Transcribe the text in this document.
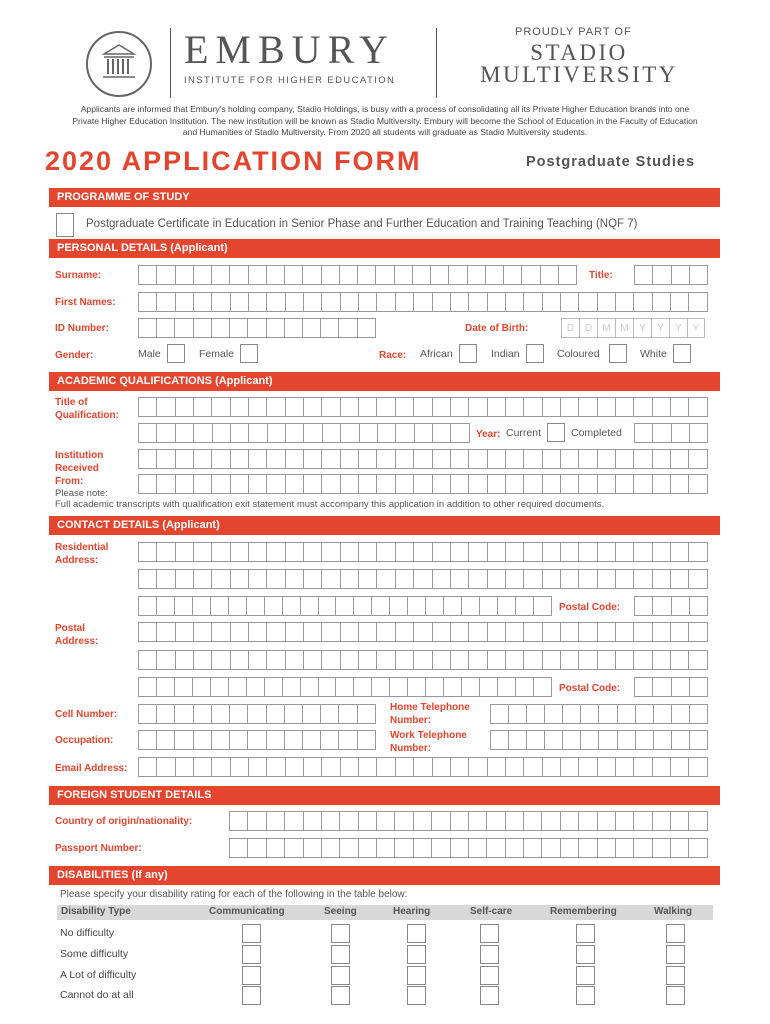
EMBURY
INSTITUTE FOR HIGHER EDUCATION
PROUDLY PART OF
STADIO
MULTIVERSITY
Applicants are informed that Embury's holding company, Stadio Holdings, is busy with a process of consolidating all its Private Higher Education brands into one Private Higher Education Institution. The new institution will be known as Stadio Multiversity. Embury will become the School of Education in the Faculty of Education and Humanities of Stadio Multiversity. From 2020 all students will graduate as Stadio Multiversity students.
2020 APPLICATION FORM	Postgraduate Studies
PROGRAMME OF STUDY
Postgraduate Certificate in Education in Senior Phase and Further Education and Training Teaching (NQF 7)
PERSONAL DETAILS (Applicant)
Surname:	Title:
First Names:
ID Number:	Date of Birth:	D	D	M M	Y	Y	Y	Y
Gender:	Male	Female	Race: African	Indian	Coloured	White
ACADEMIC QUALIFICATIONS (Applicant)
Title of
Qualification:
Year: Current	Completed
Institution
Received
From:
Please note:
Full academic transcripts with qualification exit statement must accompany this application in addition to other required documents.
CONTACT DETAILS (Applicant)
Residential
Address:
Postal Code:
Postal
Address:
Postal Code:
Cell Number:
Home Telephone
Number:
Occupation:	Work Telephone
Number:
Email Address:
FOREIGN STUDENT DETAILS
Country of origin/nationality:
Passport Number:
DISABILITIES (If any)
Please specify your disability rating for each of the following in the table below:
Disability Type	Communicating	Seeing	Hearing	Self-care	Remembering	Walking
No difficulty
Some difficulty
A Lot of difficulty
Cannot do at all
